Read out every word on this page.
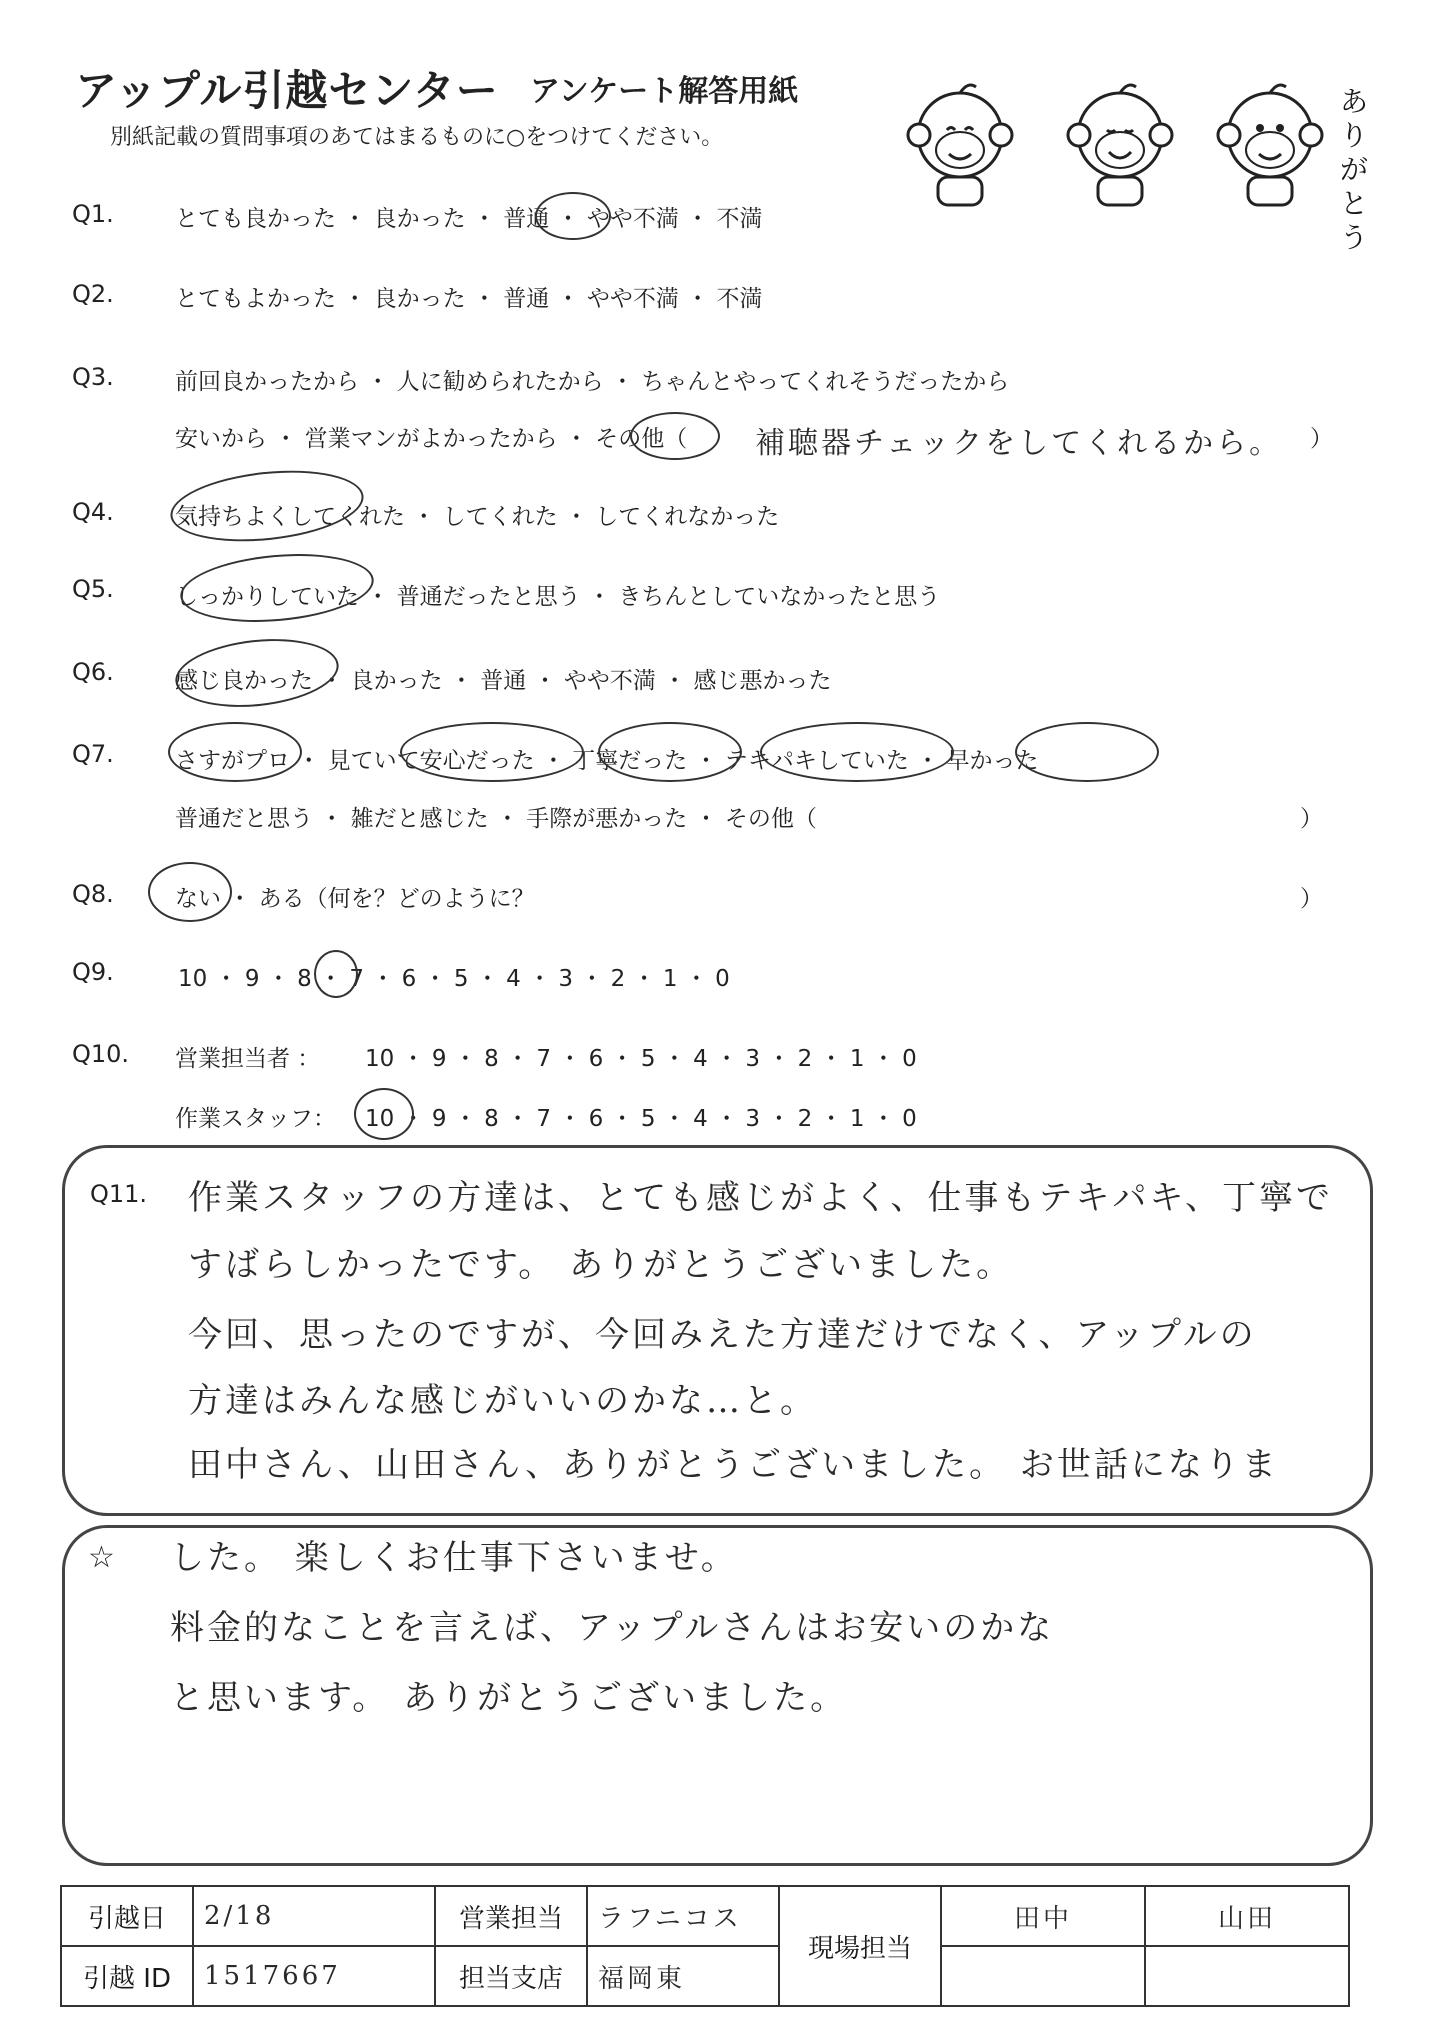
アップル引越センター アンケート解答用紙
別紙記載の質問事項のあてはまるものに○をつけてください。
ありがとう
Q1.	とても良かった ・ 良かった ・ 普通 ・ やや不満 ・ 不満
Q2.	とてもよかった ・ 良かった ・ 普通 ・ やや不満 ・ 不満
Q3.	前回良かったから ・ 人に勧められたから ・ ちゃんとやってくれそうだったから
安いから ・ 営業マンがよかったから ・ その他（ 補聴器チェックをしてくれるから。 ）
Q4.	気持ちよくしてくれた ・ してくれた ・ してくれなかった
Q5.	しっかりしていた ・ 普通だったと思う ・ きちんとしていなかったと思う
Q6.	感じ良かった ・ 良かった ・ 普通 ・ やや不満 ・ 感じ悪かった
Q7.	さすがプロ ・ 見ていて安心だった ・ 丁寧だった ・ テキパキしていた ・ 早かった
普通だと思う ・ 雑だと感じた ・ 手際が悪かった ・ その他（	）
Q8.	ない ・ ある（何を？どのように？	）
Q9.	10 ・ 9 ・ 8 ・ 7 ・ 6 ・ 5 ・ 4 ・ 3 ・ 2 ・ 1 ・ 0
Q10. 営業担当者 ： 10 ・ 9 ・ 8 ・ 7 ・ 6 ・ 5 ・ 4 ・ 3 ・ 2 ・ 1 ・ 0
作業スタッフ： 10 ・ 9 ・ 8 ・ 7 ・ 6 ・ 5 ・ 4 ・ 3 ・ 2 ・ 1 ・ 0
Q11. 作業スタッフの方達は、とても感じがよく、仕事もテキパキ、丁寧で
すばらしかったです。 ありがとうございました。
今回、思ったのですが、今回みえた方達だけでなく、アップルの
方達はみんな感じがいいのかな…と。
田中さん、山田さん、ありがとうございました。 お世話になりま
☆ した。 楽しくお仕事下さいませ。
料金的なことを言えば、アップルさんはお安いのかな
と思います。 ありがとうございました。
引越日	2/18	営業担当	ラフニコス	現場担当	田中	山田
引越 ID	1517667	担当支店	福岡東			
